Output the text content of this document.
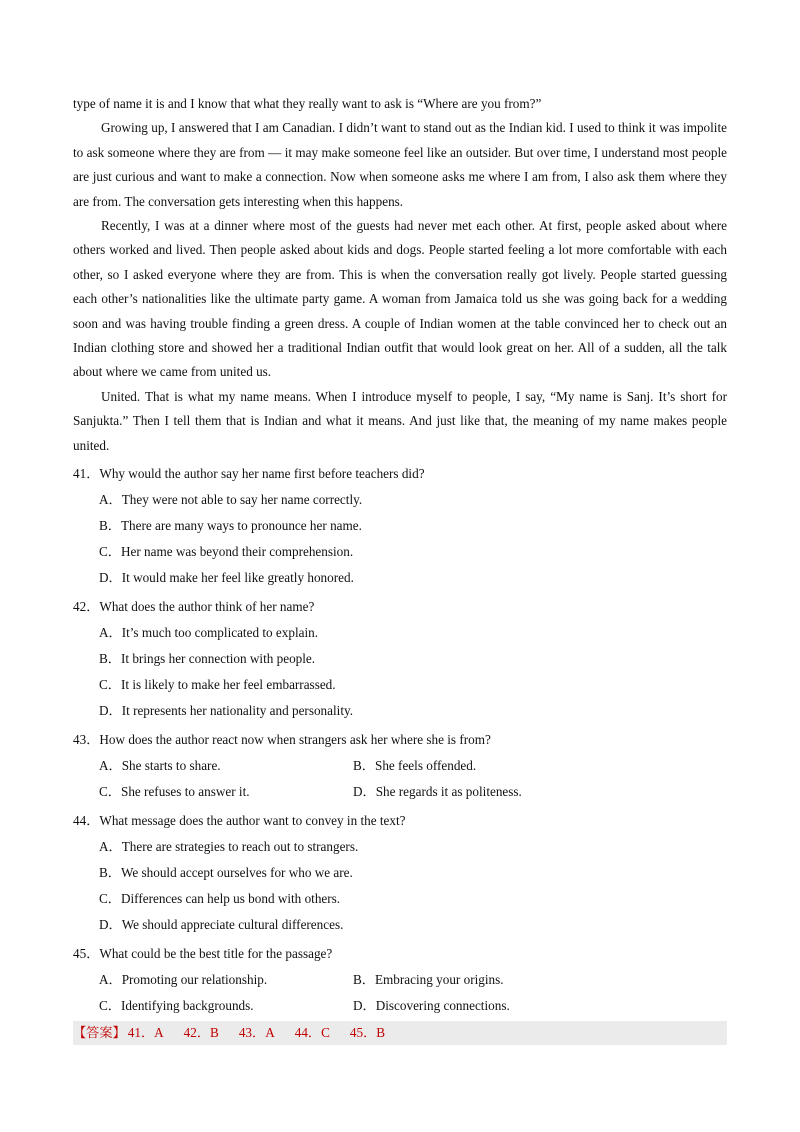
type of name it is and I know that what they really want to ask is “Where are you from?”

Growing up, I answered that I am Canadian. I didn’t want to stand out as the Indian kid. I used to think it was impolite to ask someone where they are from — it may make someone feel like an outsider. But over time, I understand most people are just curious and want to make a connection. Now when someone asks me where I am from, I also ask them where they are from. The conversation gets interesting when this happens.

Recently, I was at a dinner where most of the guests had never met each other. At first, people asked about where others worked and lived. Then people asked about kids and dogs. People started feeling a lot more comfortable with each other, so I asked everyone where they are from. This is when the conversation really got lively. People started guessing each other’s nationalities like the ultimate party game. A woman from Jamaica told us she was going back for a wedding soon and was having trouble finding a green dress. A couple of Indian women at the table convinced her to check out an Indian clothing store and showed her a traditional Indian outfit that would look great on her. All of a sudden, all the talk about where we came from united us.

United. That is what my name means. When I introduce myself to people, I say, “My name is Sanj. It’s short for Sanjukta.” Then I tell them that is Indian and what it means. And just like that, the meaning of my name makes people united.

41．Why would the author say her name first before teachers did?
A．They were not able to say her name correctly.
B．There are many ways to pronounce her name.
C．Her name was beyond their comprehension.
D．It would make her feel like greatly honored.
42．What does the author think of her name?
A．It’s much too complicated to explain.
B．It brings her connection with people.
C．It is likely to make her feel embarrassed.
D．It represents her nationality and personality.
43．How does the author react now when strangers ask her where she is from?
A．She starts to share.	B．She feels offended.
C．She refuses to answer it.	D．She regards it as politeness.
44．What message does the author want to convey in the text?
A．There are strategies to reach out to strangers.
B．We should accept ourselves for who we are.
C．Differences can help us bond with others.
D．We should appreciate cultural differences.
45．What could be the best title for the passage?
A．Promoting our relationship.	B．Embracing your origins.
C．Identifying backgrounds.	D．Discovering connections.
【答案】 41．A 42．B 43．A 44．C 45．B
